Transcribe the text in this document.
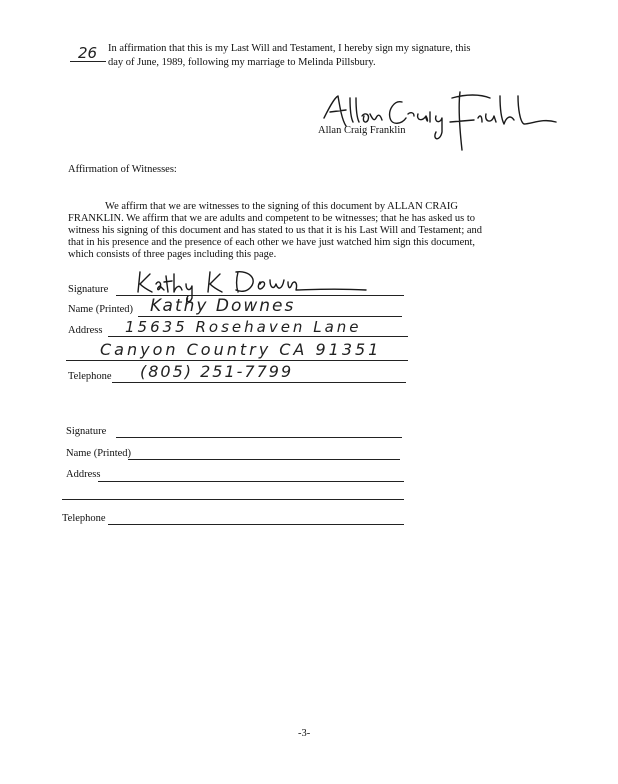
26 In affirmation that this is my Last Will and Testament, I hereby sign my signature, this
day of June, 1989, following my marriage to Melinda Pillsbury.
Allan Craig Franklin
Affirmation of Witnesses:
We affirm that we are witnesses to the signing of this document by ALLAN CRAIG
FRANKLIN. We affirm that we are adults and competent to be witnesses; that he has asked us to
witness his signing of this document and has stated to us that it is his Last Will and Testament; and
that in his presence and the presence of each other we have just watched him sign this document,
which consists of three pages including this page.
Signature
Name (Printed) Kathy Downes
Address 15635 Rosehaven Lane
Canyon Country CA 91351
Telephone (805) 251-7799
Signature
Name (Printed)
Address
Telephone
-3-
